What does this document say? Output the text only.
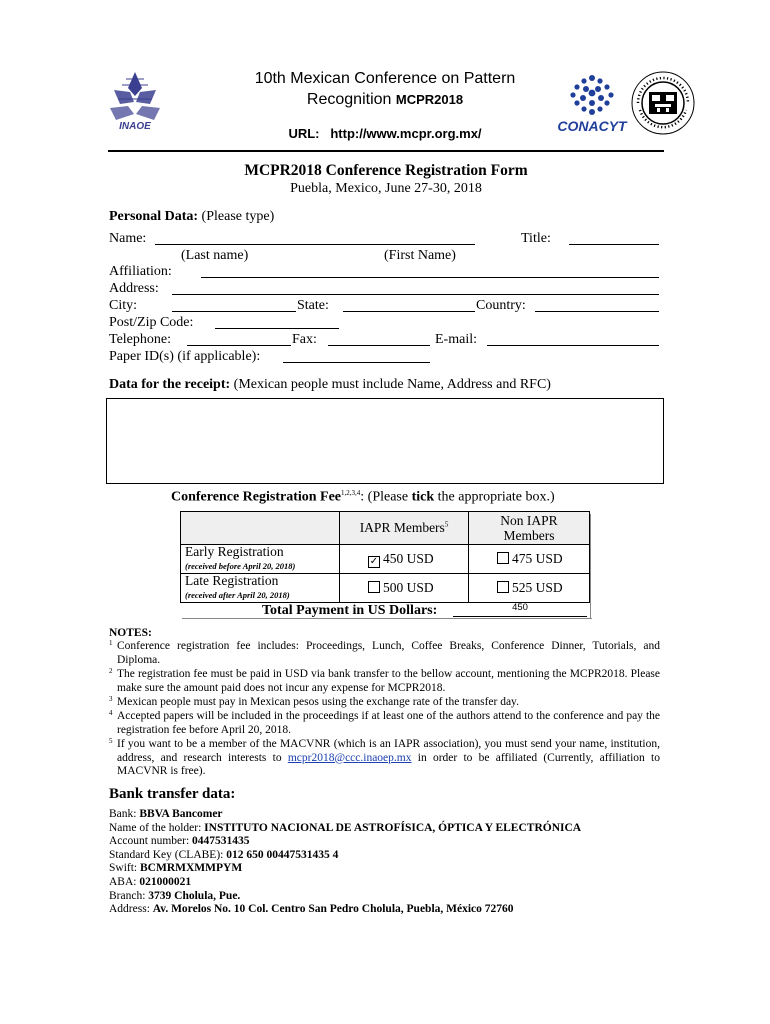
INAOE
10th Mexican Conference on Pattern
Recognition MCPR2018
URL: http://www.mcpr.org.mx/	CONACYT
MCPR2018 Conference Registration Form
Puebla, Mexico, June 27-30, 2018
Personal Data: (Please type)
Name:	Title:
(Last name)	(First Name)
Affiliation:
Address:
City:	State:	Country:
Post/Zip Code:
Telephone:	Fax:	E-mail:
Paper ID(s) (if applicable):
Data for the receipt: (Mexican people must include Name, Address and RFC)
Conference Registration Fee$^{1,2,3,4}$: (Please tick the appropriate box.)
	IAPR Members$^5$	Non IAPR
Members

Early Registration
(received before April 20, 2018)	✓ 450 USD	475 USD

Late Registration
(received after April 20, 2018)	500 USD	525 USD
Total Payment in US Dollars:	450
NOTES:
1 Conference registration fee includes: Proceedings, Lunch, Coffee Breaks, Conference Dinner, Tutorials, and Diploma.
2 The registration fee must be paid in USD via bank transfer to the bellow account, mentioning the MCPR2018. Please make sure the amount paid does not incur any expense for MCPR2018.
3 Mexican people must pay in Mexican pesos using the exchange rate of the transfer day.
4 Accepted papers will be included in the proceedings if at least one of the authors attend to the conference and pay the registration fee before April 20, 2018.
5 If you want to be a member of the MACVNR (which is an IAPR association), you must send your name, institution, address, and research interests to mcpr2018@ccc.inaoep.mx in order to be affiliated (Currently, affiliation to MACVNR is free).
Bank transfer data:
Bank: BBVA Bancomer
Name of the holder: INSTITUTO NACIONAL DE ASTROFÍSICA, ÓPTICA Y ELECTRÓNICA
Account number: 0447531435
Standard Key (CLABE): 012 650 00447531435 4
Swift: BCMRMXMMPYM
ABA: 021000021
Branch: 3739 Cholula, Pue.
Address: Av. Morelos No. 10 Col. Centro San Pedro Cholula, Puebla, México 72760
